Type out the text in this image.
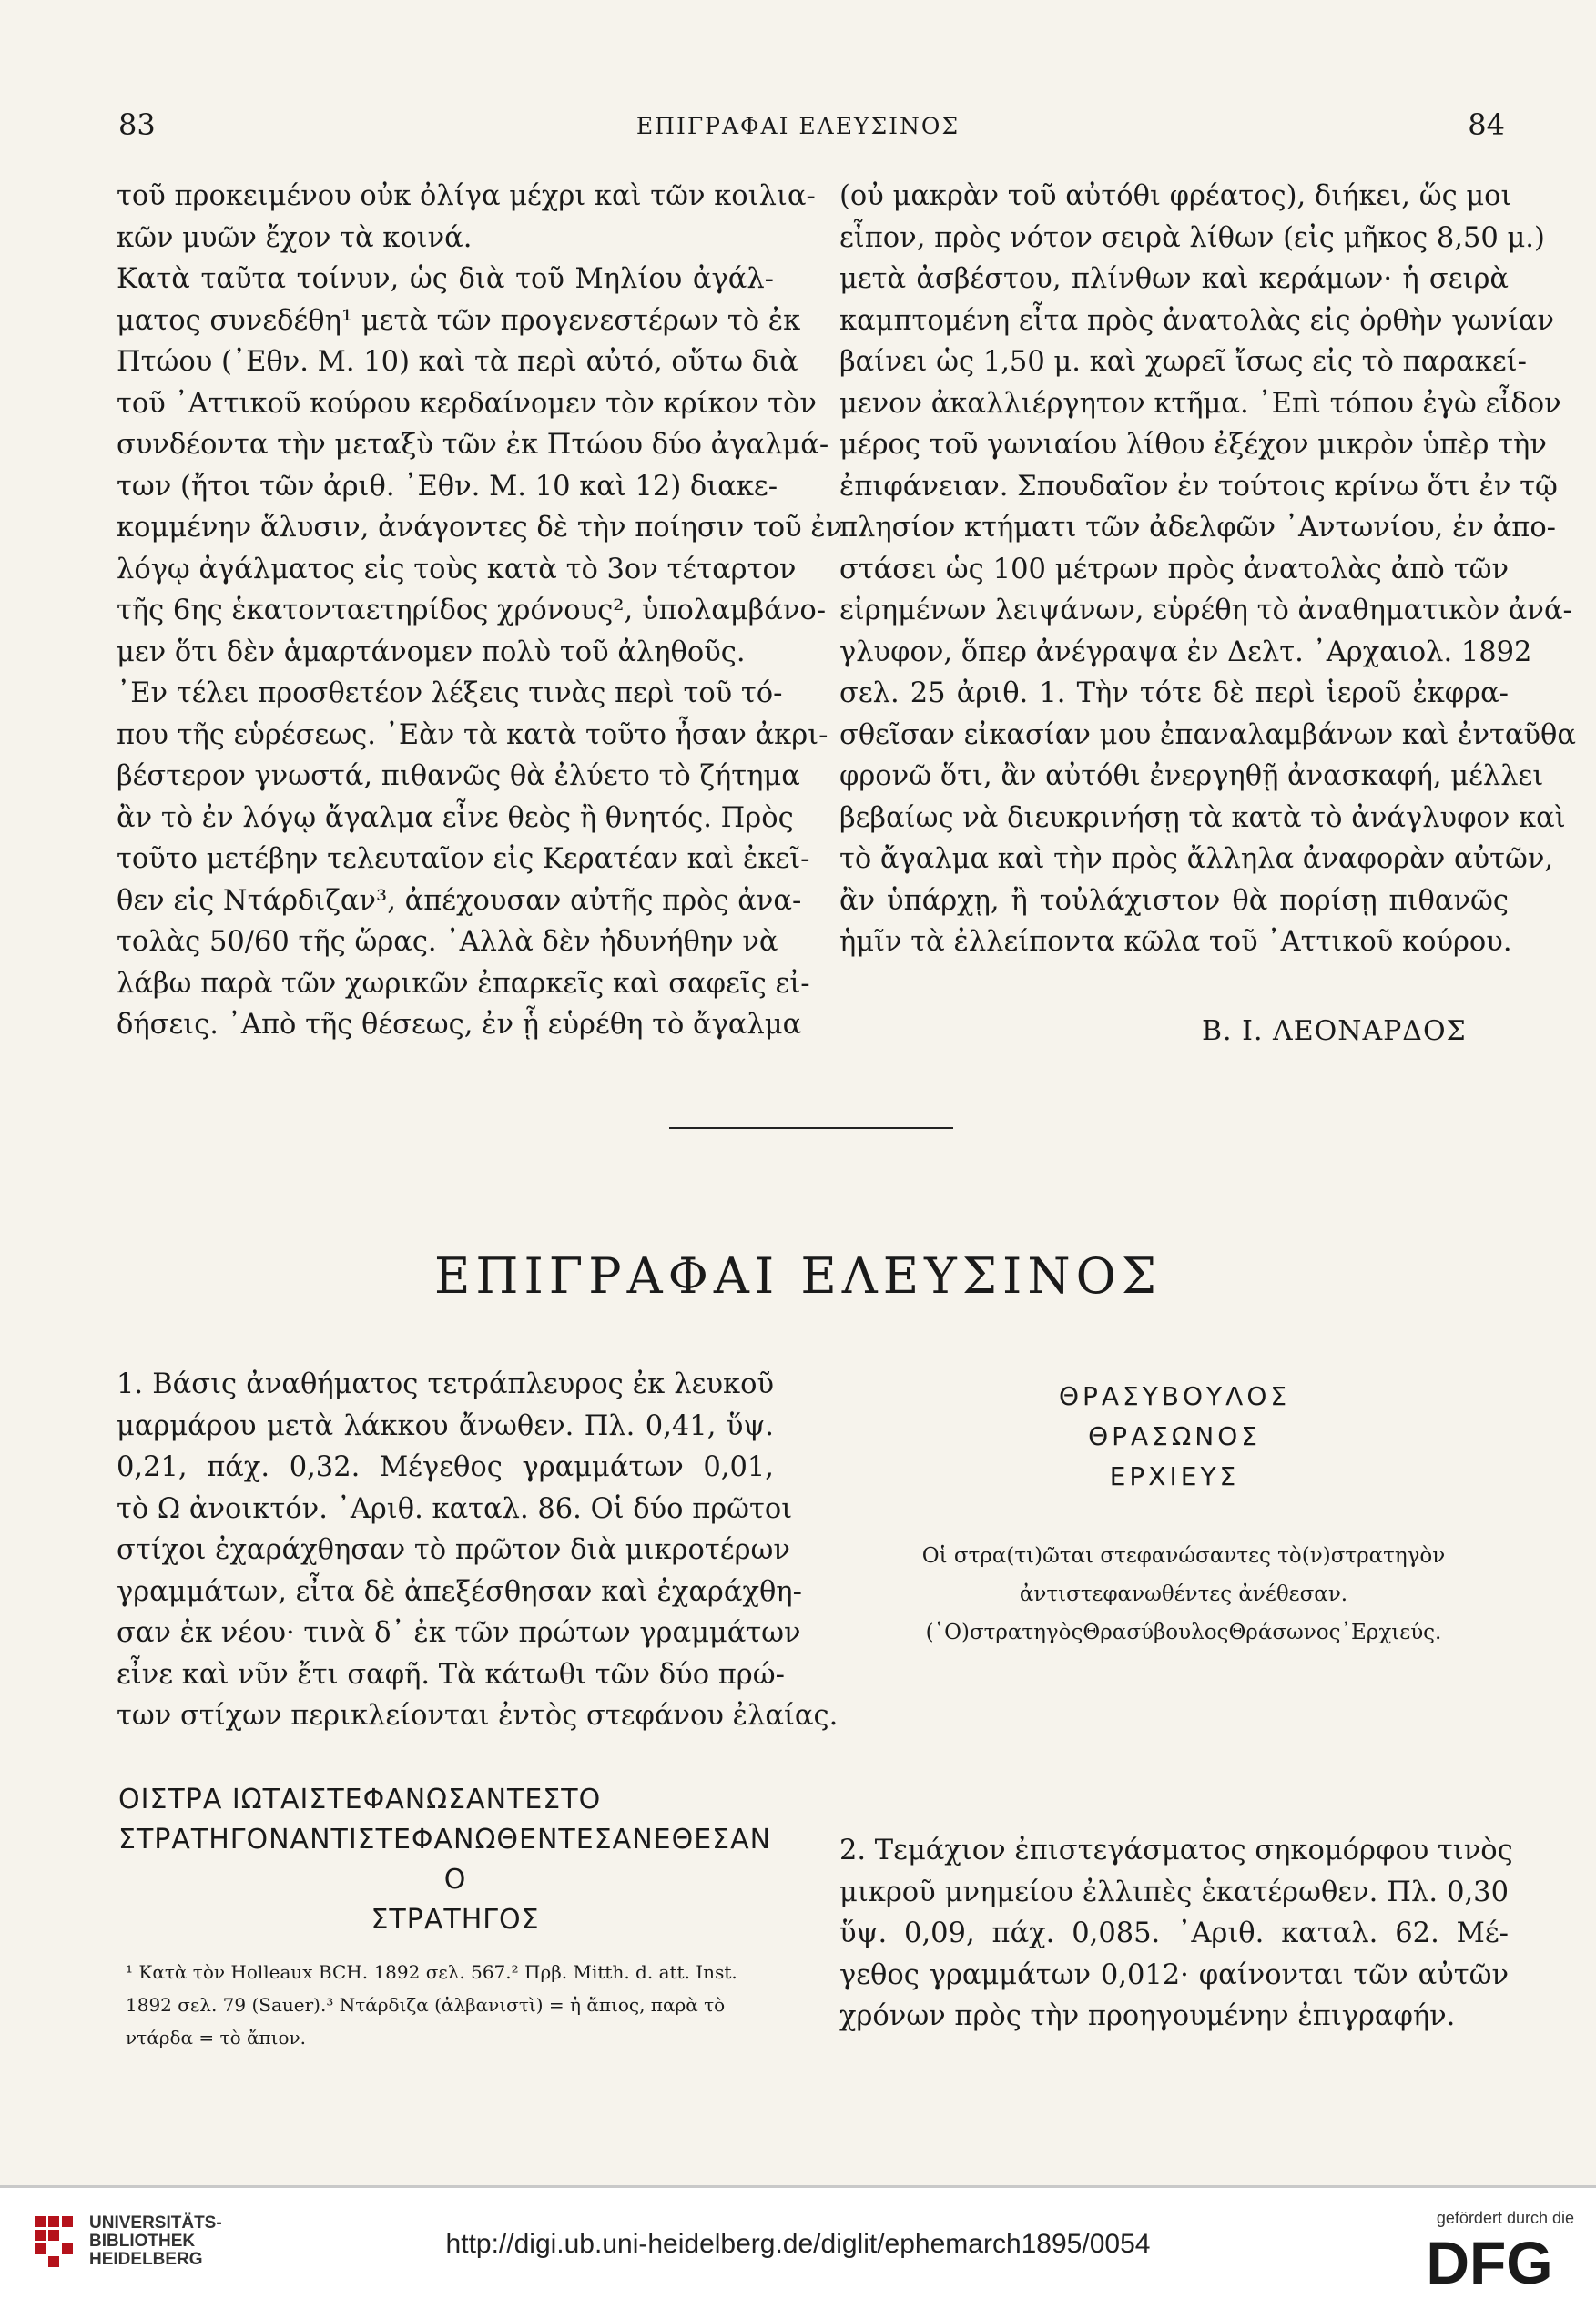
83	ΕΠΙΓΡΑΦΑΙ ΕΛΕΥΣΙΝΟΣ	84
τοῦ προκειμένου οὐκ ὀλίγα μέχρι καὶ τῶν κοιλια-
κῶν μυῶν ἔχον τὰ κοινά.
Κατὰ ταῦτα τοίνυν, ὡς διὰ τοῦ Μηλίου ἀγάλ-
ματος συνεδέθη¹ μετὰ τῶν προγενεστέρων τὸ ἐκ
Πτώου (᾿Εθν. Μ. 10) καὶ τὰ περὶ αὐτό, οὕτω διὰ
τοῦ ᾿Αττικοῦ κούρου κερδαίνομεν τὸν κρίκον τὸν
συνδέοντα τὴν μεταξὺ τῶν ἐκ Πτώου δύο ἀγαλμά-
των (ἤτοι τῶν ἀριθ. ᾿Εθν. Μ. 10 καὶ 12) διακε-
κομμένην ἅλυσιν, ἀνάγοντες δὲ τὴν ποίησιν τοῦ ἐν
λόγῳ ἀγάλματος εἰς τοὺς κατὰ τὸ 3ον τέταρτον
τῆς 6ης ἑκατονταετηρίδος χρόνους², ὑπολαμβάνο-
μεν ὅτι δὲν ἁμαρτάνομεν πολὺ τοῦ ἀληθοῦς.
᾿Εν τέλει προσθετέον λέξεις τινὰς περὶ τοῦ τό-
που τῆς εὑρέσεως. ᾿Εὰν τὰ κατὰ τοῦτο ἦσαν ἀκρι-
βέστερον γνωστά, πιθανῶς θὰ ἐλύετο τὸ ζήτημα
ἂν τὸ ἐν λόγῳ ἄγαλμα εἶνε θεὸς ἢ θνητός. Πρὸς
τοῦτο μετέβην τελευταῖον εἰς Κερατέαν καὶ ἐκεῖ-
θεν εἰς Ντάρδιζαν³, ἀπέχουσαν αὐτῆς πρὸς ἀνα-
τολὰς 50/60 τῆς ὥρας. ᾿Αλλὰ δὲν ἠδυνήθην νὰ
λάβω παρὰ τῶν χωρικῶν ἐπαρκεῖς καὶ σαφεῖς εἰ-
δήσεις. ᾿Απὸ τῆς θέσεως, ἐν ᾗ εὑρέθη τὸ ἄγαλμα
(οὐ μακρὰν τοῦ αὐτόθι φρέατος), διήκει, ὥς μοι
εἶπον, πρὸς νότον σειρὰ λίθων (εἰς μῆκος 8,50 μ.)
μετὰ ἀσβέστου, πλίνθων καὶ κεράμων· ἡ σειρὰ
καμπτομένη εἶτα πρὸς ἀνατολὰς εἰς ὀρθὴν γωνίαν
βαίνει ὡς 1,50 μ. καὶ χωρεῖ ἴσως εἰς τὸ παρακεί-
μενον ἀκαλλιέργητον κτῆμα. ᾿Επὶ τόπου ἐγὼ εἶδον
μέρος τοῦ γωνιαίου λίθου ἐξέχον μικρὸν ὑπὲρ τὴν
ἐπιφάνειαν. Σπουδαῖον ἐν τούτοις κρίνω ὅτι ἐν τῷ
πλησίον κτήματι τῶν ἀδελφῶν ᾿Αντωνίου, ἐν ἀπο-
στάσει ὡς 100 μέτρων πρὸς ἀνατολὰς ἀπὸ τῶν
εἰρημένων λειψάνων, εὑρέθη τὸ ἀναθηματικὸν ἀνά-
γλυφον, ὅπερ ἀνέγραψα ἐν Δελτ. ᾿Αρχαιολ. 1892
σελ. 25 ἀριθ. 1. Τὴν τότε δὲ περὶ ἱεροῦ ἐκφρα-
σθεῖσαν εἰκασίαν μου ἐπαναλαμβάνων καὶ ἐνταῦθα
φρονῶ ὅτι, ἂν αὐτόθι ἐνεργηθῇ ἀνασκαφή, μέλλει
βεβαίως νὰ διευκρινήσῃ τὰ κατὰ τὸ ἀνάγλυφον καὶ
τὸ ἄγαλμα καὶ τὴν πρὸς ἄλληλα ἀναφορὰν αὐτῶν,
ἂν ὑπάρχῃ, ἢ τοὐλάχιστον θὰ πορίσῃ πιθανῶς
ἡμῖν τὰ ἐλλείποντα κῶλα τοῦ ᾿Αττικοῦ κούρου.
Β. Ι. ΛΕΟΝΑΡΔΟΣ
ΕΠΙΓΡΑΦΑΙ ΕΛΕΥΣΙΝΟΣ
1. Βάσις ἀναθήματος τετράπλευρος ἐκ λευκοῦ
μαρμάρου μετὰ λάκκου ἄνωθεν. Πλ. 0,41, ὕψ.
0,21, πάχ. 0,32. Μέγεθος γραμμάτων 0,01,
τὸ Ω ἀνοικτόν. ᾿Αριθ. καταλ. 86. Οἱ δύο πρῶτοι
στίχοι ἐχαράχθησαν τὸ πρῶτον διὰ μικροτέρων
γραμμάτων, εἶτα δὲ ἀπεξέσθησαν καὶ ἐχαράχθη-
σαν ἐκ νέου· τινὰ δ᾿ ἐκ τῶν πρώτων γραμμάτων
εἶνε καὶ νῦν ἔτι σαφῆ. Τὰ κάτωθι τῶν δύο πρώ-
των στίχων περικλείονται ἐντὸς στεφάνου ἐλαίας.
ΟΙΣΤΡΑ ΙΩΤΑΙΣΤΕΦΑΝΩΣΑΝΤΕΣΤΟ
ΣΤΡΑΤΗΓΟΝΑΝΤΙΣΤΕΦΑΝΩΘΕΝΤΕΣΑΝΕΘΕΣΑΝ
Ο
ΣΤΡΑΤΗΓΟΣ
ΘΡΑΣΥΒΟΥΛΟΣ
ΘΡΑΣΩΝΟΣ
ΕΡΧΙΕΥΣ
Οἱ στρα(τι)ῶται στεφανώσαντες τὸ(ν)στρατηγὸν ἀντιστεφανωθέντες ἀνέθεσαν.(῾Ο)στρατηγὸςΘρασύβουλοςΘράσωνος᾿Ερχιεύς.
2. Τεμάχιον ἐπιστεγάσματος σηκομόρφου τινὸς
μικροῦ μνημείου ἐλλιπὲς ἑκατέρωθεν. Πλ. 0,30
ὕψ. 0,09, πάχ. 0,085. ᾿Αριθ. καταλ. 62. Μέ-
γεθος γραμμάτων 0,012· φαίνονται τῶν αὐτῶν
χρόνων πρὸς τὴν προηγουμένην ἐπιγραφήν.
¹ Κατὰ τὸν Holleaux BCH. 1892 σελ. 567.² Πρβ. Mitth. d. att. Inst. 1892 σελ. 79 (Sauer).³ Ντάρδιζα (ἀλβανιστὶ) = ἡ ἄπιος, παρὰ τὸ ντάρδα = τὸ ἄπιον.
UNIVERSITÄTS-
BIBLIOTHEK
HEIDELBERG
http://digi.ub.uni-heidelberg.de/diglit/ephemarch1895/0054
gefördert durch die
DFG
